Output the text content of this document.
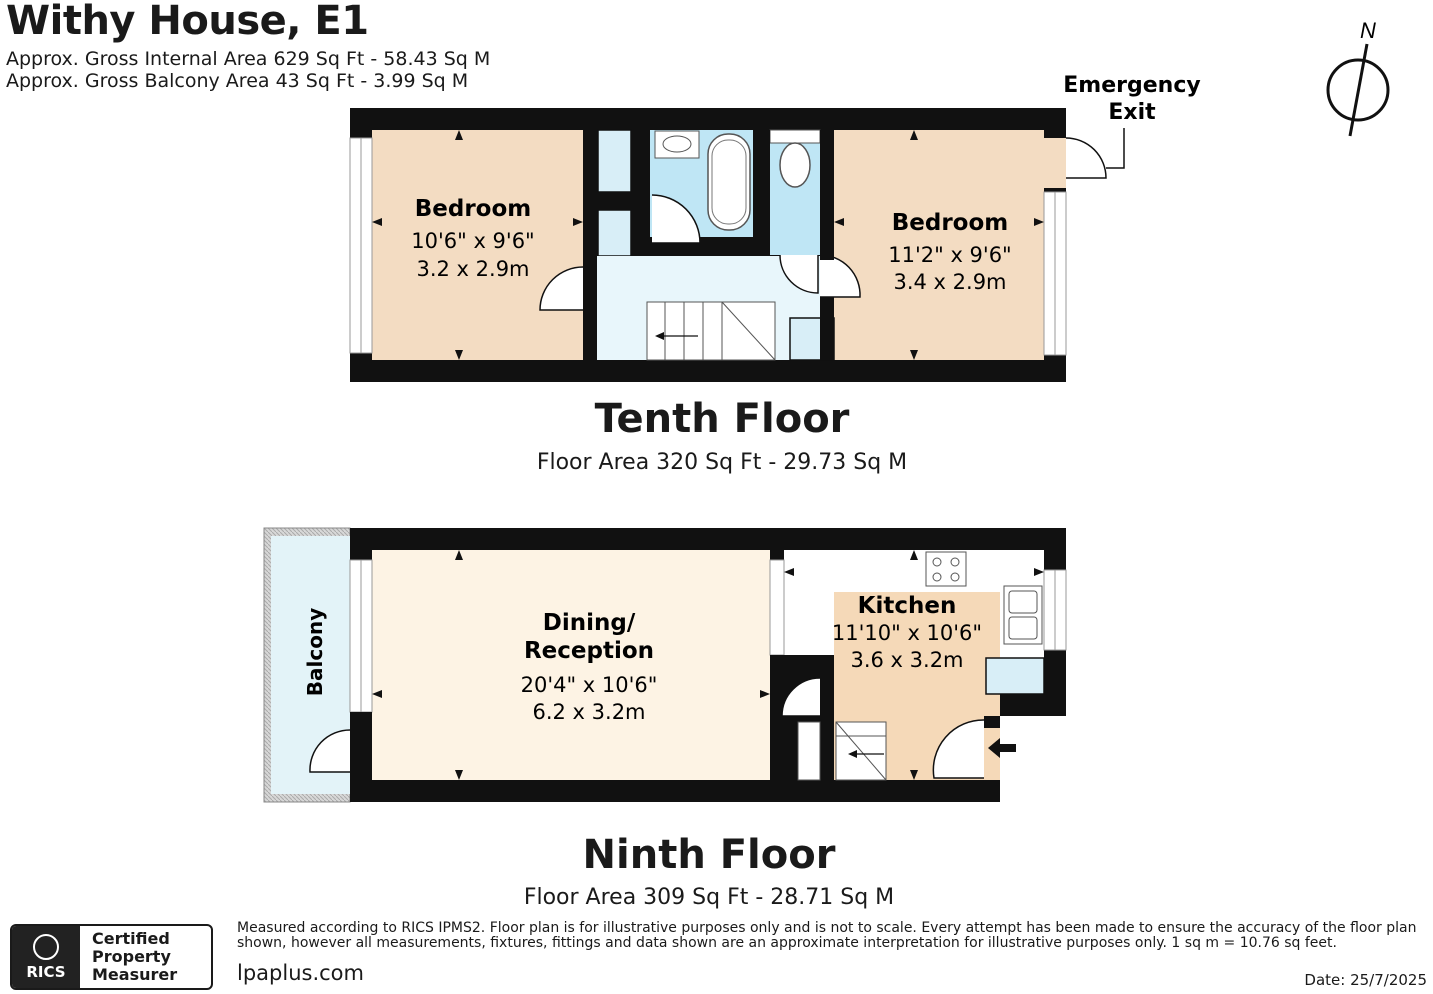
Withy House, E1
Approx. Gross Internal Area 629 Sq Ft - 58.43 Sq M
Approx. Gross Balcony Area 43 Sq Ft - 3.99 Sq M
N
Bedroom
10'6" x 9'6"
3.2 x 2.9m
Bedroom
11'2" x 9'6"
3.4 x 2.9m
Emergency
Exit
Balcony	Dining/
Reception
20'4" x 10'6"
6.2 x 3.2m
Kitchen
11'10" x 10'6"
3.6 x 3.2m
Tenth Floor
Floor Area 320 Sq Ft - 29.73 Sq M
Ninth Floor
Floor Area 309 Sq Ft - 28.71 Sq M
RICS
Certified
Property
Measurer
Measured according to RICS IPMS2. Floor plan is for illustrative purposes only and is not to scale. Every attempt has been made to ensure the accuracy of the floor plan shown, however all measurements, fixtures, fittings and data shown are an approximate interpretation for illustrative purposes only. 1 sq m = 10.76 sq feet.
lpaplus.com	Date: 25/7/2025
